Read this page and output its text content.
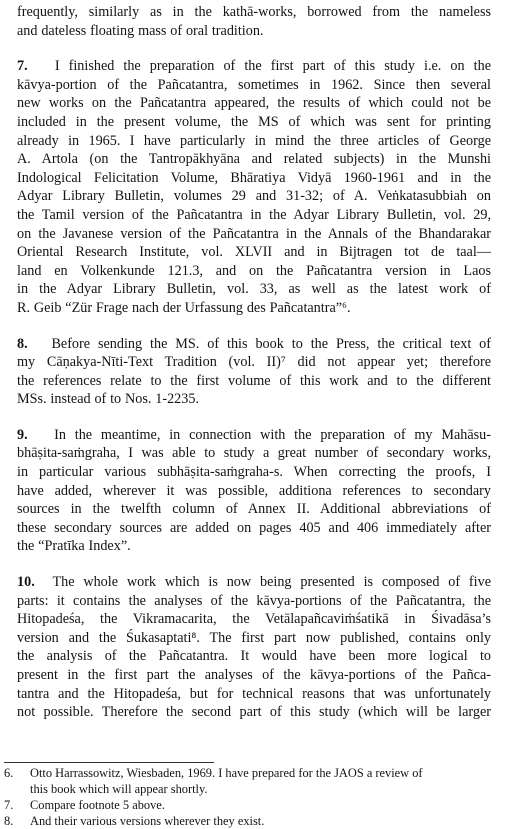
frequently, similarly as in the kathā-works, borrowed from the nameless
and dateless floating mass of oral tradition.
7. I finished the preparation of the first part of this study i.e. on the
kāvya-portion of the Pañcatantra, sometimes in 1962. Since then several
new works on the Pañcatantra appeared, the results of which could not be
included in the present volume, the MS of which was sent for printing
already in 1965. I have particularly in mind the three articles of George
A. Artola (on the Tantropākhyāna and related subjects) in the Munshi
Indological Felicitation Volume, Bhāratiya Vidyā 1960-1961 and in the
Adyar Library Bulletin, volumes 29 and 31-32; of A. Veṅkatasubbiah on
the Tamil version of the Pañcatantra in the Adyar Library Bulletin, vol. 29,
on the Javanese version of the Pañcatantra in the Annals of the Bhandarakar
Oriental Research Institute, vol. XLVII and in Bijtragen tot de taal—
land en Volkenkunde 121.3, and on the Pañcatantra version in Laos
in the Adyar Library Bulletin, vol. 33, as well as the latest work of
R. Geib “Zür Frage nach der Urfassung des Pañcatantra”⁶.
8. Before sending the MS. of this book to the Press, the critical text of
my Cāṇakya-Nīti-Text Tradition (vol. II)⁷ did not appear yet; therefore
the references relate to the first volume of this work and to the different
MSs. instead of to Nos. 1-2235.
9. In the meantime, in connection with the preparation of my Mahāsu-
bhāṣita-saṁgraha, I was able to study a great number of secondary works,
in particular various subhāṣita-saṁgraha-s. When correcting the proofs, I
have added, wherever it was possible, additiona references to secondary
sources in the twelfth column of Annex II. Additional abbreviations of
these secondary sources are added on pages 405 and 406 immediately after
the “Pratīka Index”.
10. The whole work which is now being presented is composed of five
parts: it contains the analyses of the kāvya-portions of the Pañcatantra, the
Hitopadeśa, the Vikramacarita, the Vetālapañcaviṁśatikā in Śivadāsa’s
version and the Śukasaptati⁸. The first part now published, contains only
the analysis of the Pañcatantra. It would have been more logical to
present in the first part the analyses of the kāvya-portions of the Pañca-
tantra and the Hitopadeśa, but for technical reasons that was unfortunately
not possible. Therefore the second part of this study (which will be larger
6.	Otto Harrassowitz, Wiesbaden, 1969. I have prepared for the JAOS a review of
this book which will appear shortly.
7.	Compare footnote 5 above.
8.	And their various versions wherever they exist.
